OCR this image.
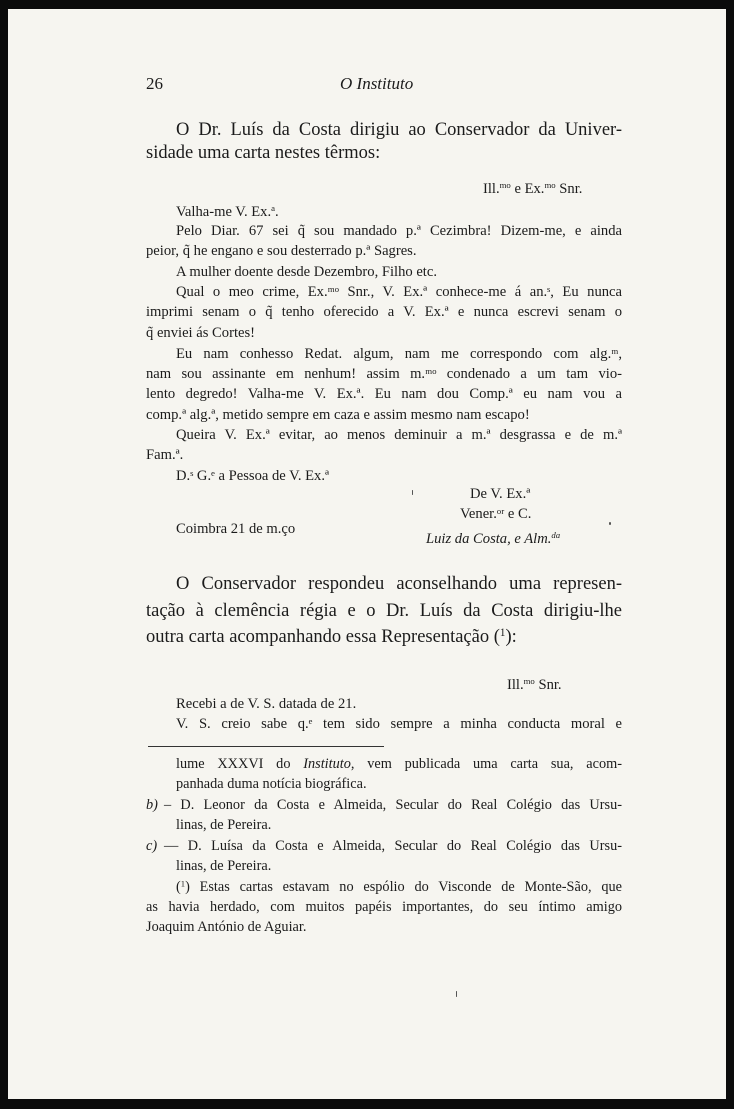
26	O Instituto
O Dr. Luís da Costa dirigiu ao Conservador da Univer-
sidade uma carta nestes têrmos:
Ill.$^{mo}$ e Ex.$^{mo}$ Snr.
Valha-me V. Ex.$^a$.
Pelo Diar. 67 sei q̃ sou mandado p.ª Cezimbra! Dizem-me, e ainda
peior, q̃ he engano e sou desterrado p.ª Sagres.
A mulher doente desde Dezembro, Filho etc.
Qual o meo crime, Ex.ᵐᵒ Snr., V. Ex.ª conhece-me á an.ˢ, Eu nunca
imprimi senam o q̃ tenho oferecido a V. Ex.ª e nunca escrevi senam o
q̃ enviei ás Cortes!
Eu nam conhesso Redat. algum, nam me correspondo com alg.ᵐ,
nam sou assinante em nenhum! assim m.ᵐᵒ condenado a um tam vio-
lento degredo! Valha-me V. Ex.ª. Eu nam dou Comp.ª eu nam vou a
comp.ª alg.ª, metido sempre em caza e assim mesmo nam escapo!
Queira V. Ex.ª evitar, ao menos deminuir a m.ª desgrassa e de m.ª
Fam.ª.
D.ˢ G.ᵉ a Pessoa de V. Ex.ª
De V. Ex.ª
Vener.ᵒʳ e C.
Coimbra 21 de m.ço
Luiz da Costa, e Alm.$^{da}$
O Conservador respondeu aconselhando uma represen-
tação à clemência régia e o Dr. Luís da Costa dirigiu-lhe
outra carta acompanhando essa Representação ($^1$):
Ill.$^{mo}$ Snr.
Recebi a de V. S. datada de 21.
V. S. creio sabe q.ᵉ tem sido sempre a minha conducta moral e
lume XXXVI do Instituto, vem publicada uma carta sua, acom-
panhada duma notícia biográfica.
b) – D. Leonor da Costa e Almeida, Secular do Real Colégio das Ursu-
linas, de Pereira.
c) — D. Luísa da Costa e Almeida, Secular do Real Colégio das Ursu-
linas, de Pereira.
($^1$) Estas cartas estavam no espólio do Visconde de Monte-São, que
as havia herdado, com muitos papéis importantes, do seu íntimo amigo
Joaquim António de Aguiar.
